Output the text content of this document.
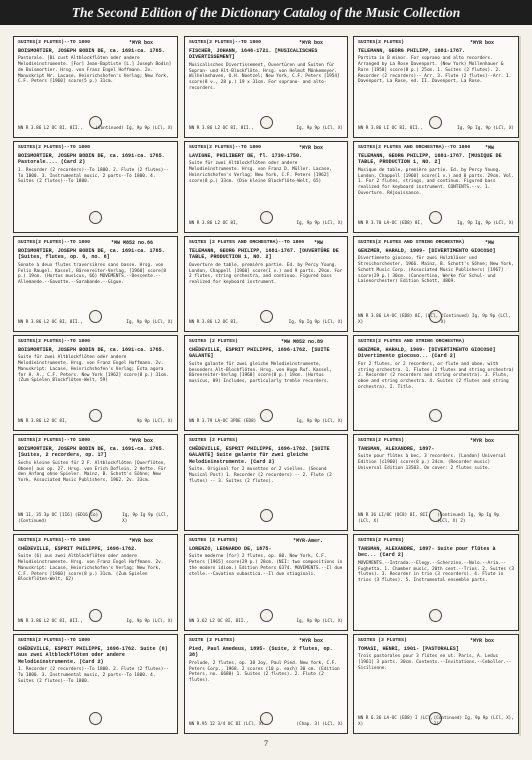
The Second Edition of the Dictionary Catalog of the Music Collection
SUITES(2 FLUTES)--TO 1800	*MYR box
BOISMORTIER, JOSEPH BODIN DE, ca. 1691-ca. 1765.
Pastorale. [Bi cust Altblockflöten oder andere Melodieinstrumente. [For] Jean-Baptiste [L.] Joseph Bodin] de Boismortier. Hrsg. von Franz Engel Hoffmann. 2v. Manuskript Nr. Lacase, Heinrichshofen's Verlag; New York, C.F. Peters [1960] score(5 p.) 31cm.
NN R 3.86 L2 OC 8I, 8II.,	(Continued) Ig, 9p 9p (LCl, X)
SUITES(2 FLUTES)--TO 1800
BOISMORTIER, JOSEPH BODIN DE, ca. 1691-ca. 1765. Pastorale.... (Card 2)
1. Recorder (2 recorders)--To 1800. 2. Flute (2 flutes)--To 1800. 3. Instrumental music, 2 parts--To 1800. 4. Suites (2 flutes)--To 1800.
SUITES(2 FLUTES)--TO 1800	*MW M852 no.66
BOISMORTIER, JOSEPH BODIN DE, ca. 1691-ca. 1765. [Suites, flutes, op. 6, no. 6]
Sonate à deux flutes traversières sans basse. Hrsg. von Felix Raugel. Kassel, Bärenreiter-Verlag, [1960] score(8 p.) 19cm. (Hortus musicus, 66) MOVEMENTS.--Descente.--Allemande.--Gavotte.--Sarabande.--Gigue.
NN R 3.86 L2 OC 8I, 8II.,	Ig, 9p 9p (LCl, X)
SUITES(2 FLUTES)--TO 1800
BOISMORTIER, JOSEPH BODIN DE, ca. 1691-ca. 1765.
Suite für zwei Altblockflöten oder andere Melodieinstrumente. Hrsg. von Franz Engel Hoffmann. 2v. Manuskript: Lacase, Heinrichshofen's Verlag; Esta agora for H. A., C.F. Peters. New York [1962] score(8 p.) 31cm. (Zum Spielen Blockflöten-Welt, 59)
NN R 3.86 L2 OC 8I,	9p 9p (LCl, X)
SUITES(2 FLUTES)--TO 1800	*MYR box
BOISMORTIER, JOSEPH BODIN DE, ca. 1691-ca. 1765. [Suites, 2 recorders, op. 17]
Sechs kleine Suiten für 2 F. Altblockflöten [Querflöten, Oboen] aus op. 27. Hrsg. von Erich Doflein. 2 Hefte. Für den Anfang ohne Spieler. Mainz, B. Schott's Söhne; New York, Associated Music Publishers, 1962. 2v. 33cm.
NN 11, 35 3p OC [1I6] (ED16,Co) (Continued)
Ig, 9p Ig 9p (LCl, X)
SUITES(2 FLUTES)--TO 1800	*MYR box
CHÉDEVILLE, ESPRIT PHILIPPE, 1696-1762.
Suite (6) aus zwei Altblockflöten oder andere Melodieinstrumente. Hrsg. von Franz Engel Hoffmann. 2v. Manuskript: Lacase, Heinrichshofen's Verlag; New York, C.F. Peters [1960] score(8 p.) 31cm. (Zum Spielen Blockflöten-Welt, 62)
NN R 3.86 L2 OC 8I, 8II.,	Ig, 9p 9p (LCl, X)
SUITES(2 FLUTES)--TO 1800
CHÉDEVILLE, ESPRIT PHILIPPE, 1696-1762. Suite (6) aus zwei Altblockflöten oder andere Melodieinstrumente. (Card 2)
1. Recorder (2 recorders)--To 1800. 2. Flute (2 flutes)--To 1800. 3. Instrumental music, 2 parts--To 1800. 4. Suites (2 flutes)--To 1800.
SUITES(2 FLUTES)--TO 1800	*MYR box
FISCHER, JOHANN, 1646-1721. [MUSICALISCHES DIVERTISSEMENT]
Musicalisches Divertissement, Ouvertüren und Suiten für Sopran- und Alt-Blockflöte. Hrsg. von Helmut Mönkemeyer. Wilhelmshaven, O.H. Noetzel; New York, C.F. Peters [1954] score(8 v., 28 p.) 19 x 31cm. For soprano- and alto-recorders.
NN R 3.86 L2 OC 8I, 8II.,	Ig, 9p 9p (LCl, X)
SUITES(2 FLUTES)--TO 1800	*MYR box
LAVIGNE, PHILIBERT DE, fl. 1730-1750.
Suite für zwei Altblockflöten oder andere Melodieinstrumente. Hrsg. von Franz D. Müller. Lacase, Heinrichshofen's Verlag; New York, C.F. Peters [1962] score(8 p.) 33cm. (Die kleine Blockflöte-Welt, 65)
NN R 3.86 L2 OC 8I,	Ig, 9p 9p (LCl, X)
SUITES (2 FLUTES AND ORCHESTRA)--TO 1800 *MW
TELEMANN, GEORG PHILIPP, 1681-1767. [OUVERTÜRE DE TABLE, PRODUCTION 1, NO. 2]
Ouverture de table, première partie. Ed. by Percy Young. London, Chappell [1960] score(1 v.) and 9 parts. 29cm. For 2 flutes, string orchestra, and continuo. Figured bass realized for keyboard instrument.
NN R 3.86 L2 OC 8I,	Ig, 9p Ig 9p (LCl, X)
SUITES (2 FLUTES)	*MW M852 no.89
CHÉDEVILLE, ESPRIT PHILIPPE, 1696-1762. [SUITE GALANTE]
Suite galante für zwei gleiche Melodieinstrumente, besonders Alt-Blockflöten. Hrsg. von Hugo Ruf. Kassel, Bärenreiter-Verlag [1960] score(8 p.) 19cm. (Hortus musicus, 89) Includes, particularly treble recorders.
NN R 3.79 LA-OC 3PDE (ED8)	Ig, 9p 9p (LCl, X)
SUITES (2 FLUTES)
CHÉDEVILLE, ESPRIT PHILIPPE, 1696-1762. [SUITE GALANTE] Suite galante für zwei gleiche Melodieinstrumente. (Card 2)
Suite. Original for 2 musettes or 2 vielles. (Second Musical Post) 1. Recorder (2 recorders) -- 2. Flute (2 flutes) -- 3. Suites (2 flutes).
SUITES (2 FLUTES)	*MYR-Amer.
LORENZO, LEONARDO DE, 1875-
Suite moderne [for] 2 flutes, op. 80. New York, C.F. Peters [1965] score(29 p.) 28cm. (NII: two compositions in the modern idiom.) Edition Peters 6374. MOVEMENTS.--Il due stelle.--Cavatina subastica.--Il due stiaginali.
NN 3.62 L2 OC 8I, 8II.,	Ig, 9p 9p (LCl, X)
SUITE (2 FLUTES)	*MYR box
Pied, Paul Amedeus, 1895- (Suite, 2 flutes, op. 38)
Prelude, 2 flutes, op. 38 Joy, Paul Pied. New York, C.F. Peters Corp., 1968. 2 scores (10 p. each) 30 cm. (Edition Peters, no. 6688) 1. Suites (2 flutes). 2. Flute (2 flutes).
NN R.95 12 3/4 OC 8I (LCl, X)	(Chap. 3) (LCl, X)
SUITES(2 FLUTES)	*MYR box
TELEMANN, GEORG PHILIPP, 1681-1767.
Partita in B minor. For soprano and alto recorders. Arranged by La Rose Davenport. (New York) Mollenhauer & Rare [1958] score(8 p.) 25cm. 1. Suites (2 flutes). 2. Recorder (2 recorders)-- Arr. 3. Flute (2 flutes)--Arr. I. Davenport, La Rose, ed. II. Davenport, La Rose.
NN R 3.86 LI OC 8I, 8II.,	Ig, 9p Ig, 9p (LCl, X)
SUITES(2 FLUTES AND ORCHESTRA)--TO 1800	*MW
TELEMANN, GEORG PHILIPP, 1681-1767. [MUSIQUE DE TABLE, PRODUCTION 1, NO. 2]
Musique de table, première partie. Ed. by Percy Young. London, Chappell [1960] score(1 v.) and 8 parts. 29cm. Vol. 1. For 2 flutes, strings, and continuo. Figured bass realized for keyboard instrument. CONTENTS.--v. 1. Ouverture. Réjouissance.
NN R 3.70 LA-OC (ED8) 8I,	Ig, 9p Ig, 9p (LCl, X)
SUITES(2 FLUTES AND STRING ORCHESTRA)	*MW
GENZMER, HARALD, 1909- [DIVERTIMENTO GIOCOSO]
Divertimento giocoso, für zwei Holzbläser und Streichorchester, 1966. Mainz, B. Schott's Söhne; New York, Schott Music Corp. (Associated Music Publishers) [1967] score(29 p.) 30cm. (Concertino, Werke für Schul- und Laienorchester) Edition Schott, 4869.
NN R 3.86 LA-OC (ED8) 8I, (LCl, X)
(Continued) Ig, 9p 9p (LCl, X)
SUITES(2 FLUTES AND STRING ORCHESTRA)
GENZMER, HARALD, 1909- [DIVERTIMENTO GIOCOSO] Divertimento giocoso... (Card 2)
For 2 flutes, or 2 recorders, or flute and oboe, with string orchestra. 1. Flutes (2 flutes and string orchestra) 2. Recorder (2 recorders and string orchestra). 3. Flute, oboe and string orchestra. 4. Suites (2 flutes and string orchestra). I. Title.
SUITES(2 FLUTES)	*MYR box
TANSMAN, ALEXANDRE, 1897-
Suite pour flûtes à bec, 3 recorders. [London] Universal Edition [c1960] score(8 p.) 24cm. (Recorder music) Universal Edition 13503. On cover: 2 flutes suite.
NN R 36 LI/8C (OC8) 8I, 8II. (LCl, X)
(Continued) Ig, 9p Ig 9p (LCl, X) 2)
SUITES(2 FLUTES)
TANSMAN, ALEXANDRE, 1897- Suite pour flûtes à bec... (Card 2)
MOVEMENTS.--Intrada.--Elegy.--Scherzino.--Nolo.--Aria.--Fughetta. 1. Chamber music, 20th cent.--Trios. 2. Suites (3 flutes). 3. Recorder in trio (3 recorders). 4. Flute in trios (3 flutes). 5. Instrumental ensemble parts.
SUITES (3 FLUTES)	*MYR box
TOMASI, HENRI, 1901- [PASTORALES]
Trois pastorales pour 3 flûtes en ut. Paris, A. Leduc [1961] 3 parts. 30cm. Contents.--Invitations.--Ceboller.--Sicilienne.
NN R 6.36 LA-OC (ED8) I (LCl, X)
(Continued) Ig, 9p 9p (LCl, X), 2)
7
